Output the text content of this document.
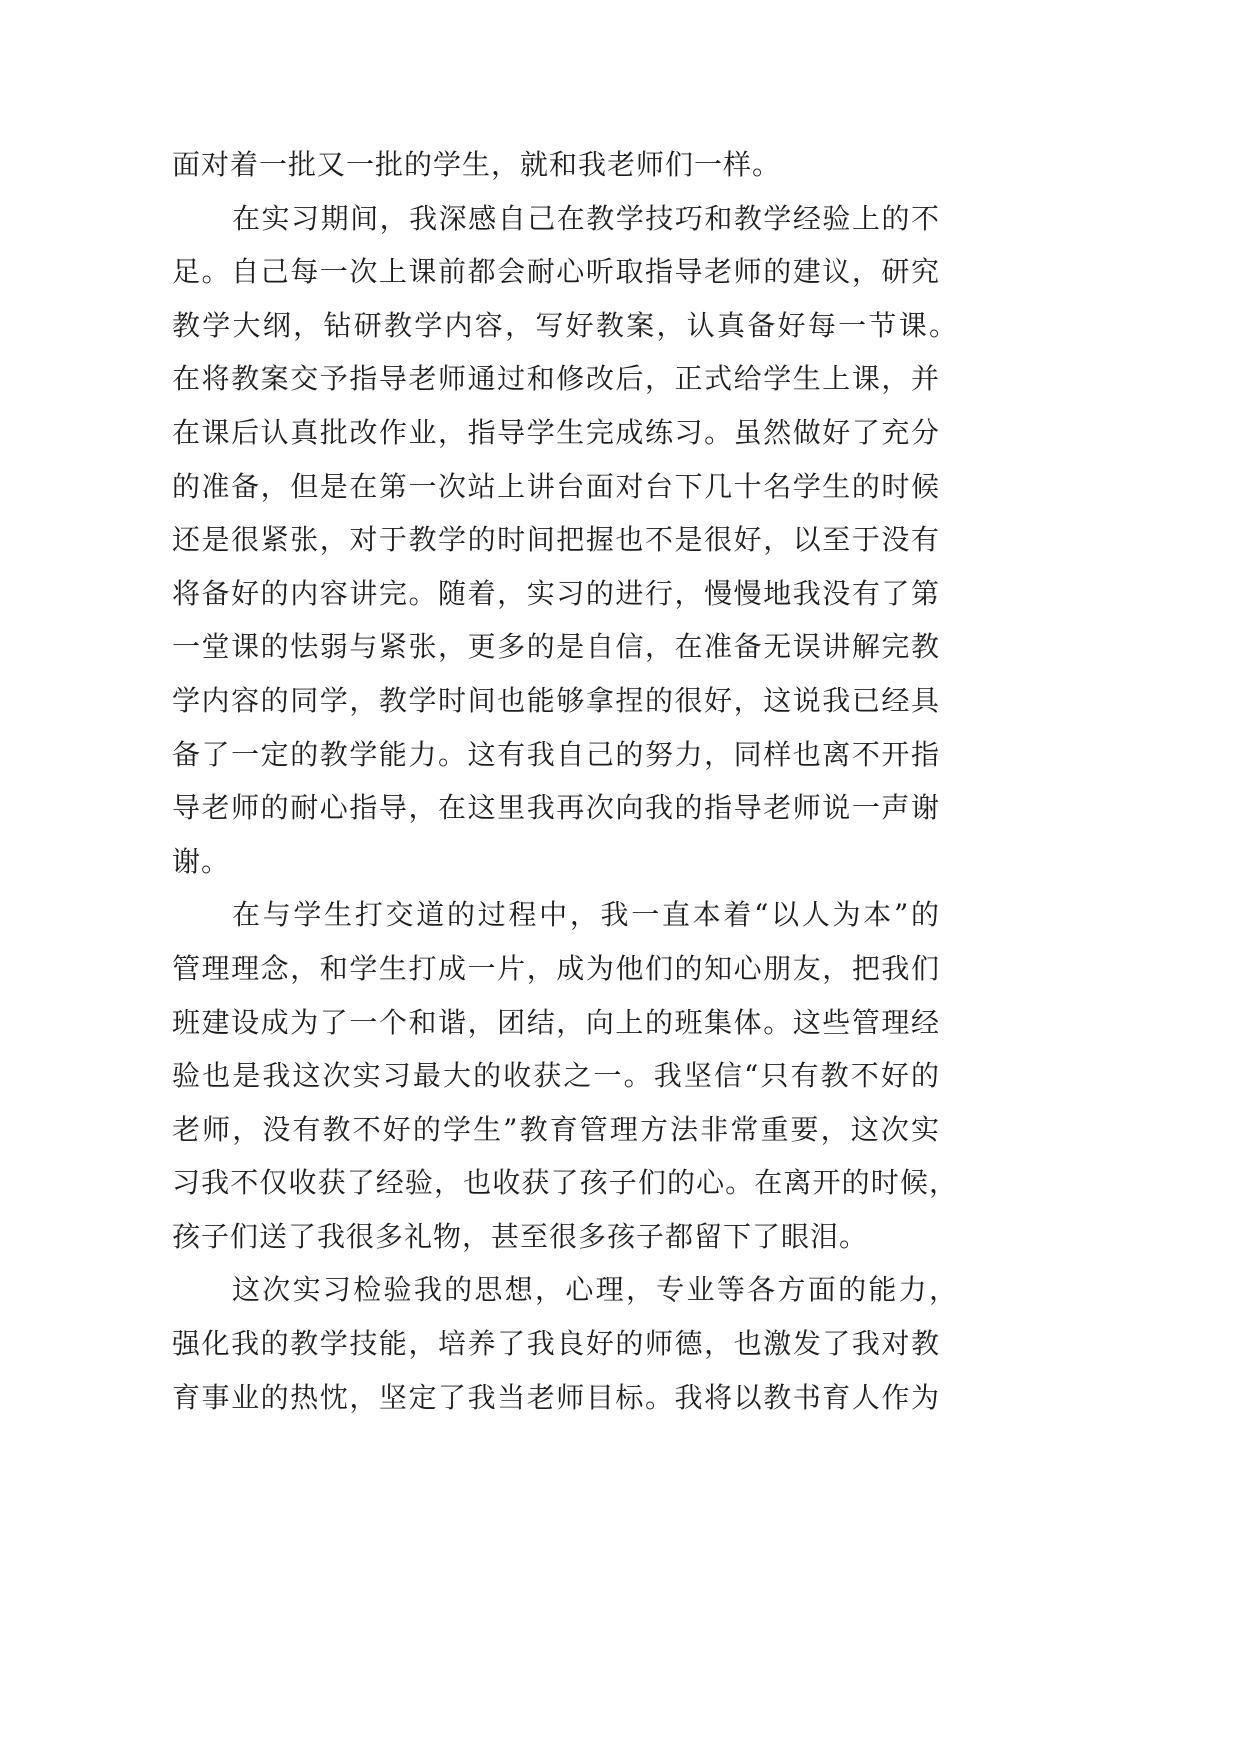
面对着一批又一批的学生，就和我老师们一样。
在实习期间，我深感自己在教学技巧和教学经验上的不
足。自己每一次上课前都会耐心听取指导老师的建议，研究
教学大纲，钻研教学内容，写好教案，认真备好每一节课。
在将教案交予指导老师通过和修改后，正式给学生上课，并
在课后认真批改作业，指导学生完成练习。虽然做好了充分
的准备，但是在第一次站上讲台面对台下几十名学生的时候
还是很紧张，对于教学的时间把握也不是很好，以至于没有
将备好的内容讲完。随着，实习的进行，慢慢地我没有了第
一堂课的怯弱与紧张，更多的是自信，在准备无误讲解完教
学内容的同学，教学时间也能够拿捏的很好，这说我已经具
备了一定的教学能力。这有我自己的努力，同样也离不开指
导老师的耐心指导，在这里我再次向我的指导老师说一声谢
谢。
在与学生打交道的过程中，我一直本着“以人为本”的
管理理念，和学生打成一片，成为他们的知心朋友，把我们
班建设成为了一个和谐，团结，向上的班集体。这些管理经
验也是我这次实习最大的收获之一。我坚信“只有教不好的
老师，没有教不好的学生”教育管理方法非常重要，这次实
习我不仅收获了经验，也收获了孩子们的心。在离开的时候，
孩子们送了我很多礼物，甚至很多孩子都留下了眼泪。
这次实习检验我的思想，心理，专业等各方面的能力，
强化我的教学技能，培养了我良好的师德，也激发了我对教
育事业的热忱，坚定了我当老师目标。我将以教书育人作为
